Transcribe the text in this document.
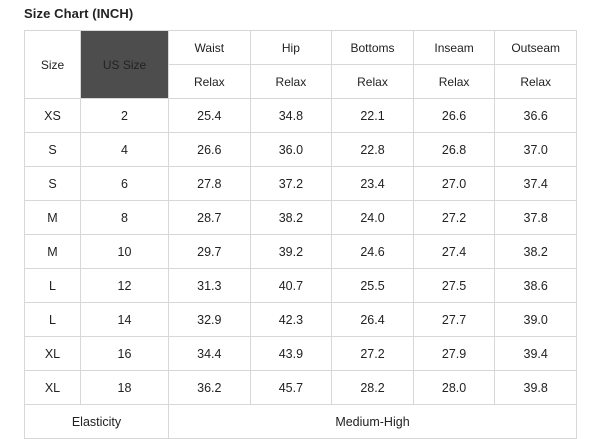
Size Chart (INCH)
Size	US Size	Waist	Hip	Bottoms	Inseam	Outseam
		Relax	Relax	Relax	Relax	Relax
XS	2	25.4	34.8	22.1	26.6	36.6
S	4	26.6	36.0	22.8	26.8	37.0
S	6	27.8	37.2	23.4	27.0	37.4
M	8	28.7	38.2	24.0	27.2	37.8
M	10	29.7	39.2	24.6	27.4	38.2
L	12	31.3	40.7	25.5	27.5	38.6
L	14	32.9	42.3	26.4	27.7	39.0
XL	16	34.4	43.9	27.2	27.9	39.4
XL	18	36.2	45.7	28.2	28.0	39.8
Elasticity		Medium-High				
